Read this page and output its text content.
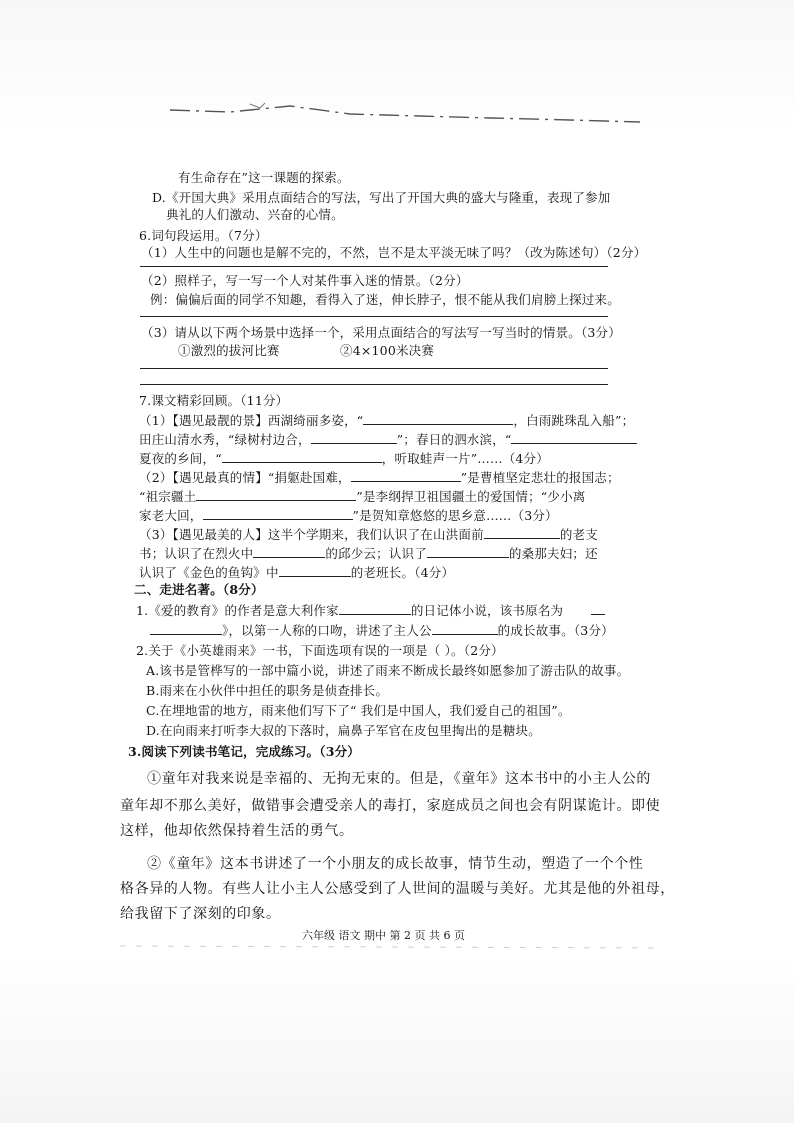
有生命存在”这一课题的探索。
D.《开国大典》采用点面结合的写法，写出了开国大典的盛大与隆重，表现了参加
典礼的人们激动、兴奋的心情。
6.词句段运用。（7分）
（1）人生中的问题也是解不完的，不然，岂不是太平淡无味了吗？（改为陈述句）（2分）
（2）照样子，写一写一个人对某件事入迷的情景。（2分）
例：偏偏后面的同学不知趣，看得入了迷，伸长脖子，恨不能从我们肩膀上探过来。
（3）请从以下两个场景中选择一个，采用点面结合的写法写一写当时的情景。（3分）
①激烈的拔河比赛	②4×100米决赛
7.课文精彩回顾。（11分）
（1）【遇见最靓的景】西湖绮丽多姿，“	，白雨跳珠乱入船”；
田庄山清水秀，“绿树村边合，	”；春日的泗水滨，“
夏夜的乡间，“	，听取蛙声一片”……（4分）
（2）【遇见最真的情】“捐躯赴国难，	”是曹植坚定悲壮的报国志；
“祖宗疆土	”是李纲捍卫祖国疆土的爱国情；“少小离
家老大回，	”是贺知章悠悠的思乡意……（3分）
（3）【遇见最美的人】这半个学期来，我们认识了在山洪面前	的老支
书；认识了在烈火中	的邱少云；认识了	的桑那夫妇；还
认识了《金色的鱼钩》中	的老班长。（4分）
二、走进名著。（8分）
1.《爱的教育》的作者是意大利作家	的日记体小说，该书原名为
》，以第一人称的口吻，讲述了主人公	的成长故事。（3分）
2.关于《小英雄雨来》一书，下面选项有误的一项是（ ）。（2分）
A.该书是管桦写的一部中篇小说，讲述了雨来不断成长最终如愿参加了游击队的故事。
B.雨来在小伙伴中担任的职务是侦查排长。
C.在埋地雷的地方，雨来他们写下了“ 我们是中国人，我们爱自己的祖国”。
D.在向雨来打听李大叔的下落时，扁鼻子军官在皮包里掏出的是糖块。
3.阅读下列读书笔记，完成练习。（3分）
①童年对我来说是幸福的、无拘无束的。但是，《童年》这本书中的小主人公的
童年却不那么美好，做错事会遭受亲人的毒打，家庭成员之间也会有阴谋诡计。即使
这样，他却依然保持着生活的勇气。
②《童年》这本书讲述了一个小朋友的成长故事，情节生动，塑造了一个个性
格各异的人物。有些人让小主人公感受到了人世间的温暖与美好。尤其是他的外祖母，
给我留下了深刻的印象。
六年级 语文 期中 第 2 页 共 6 页
